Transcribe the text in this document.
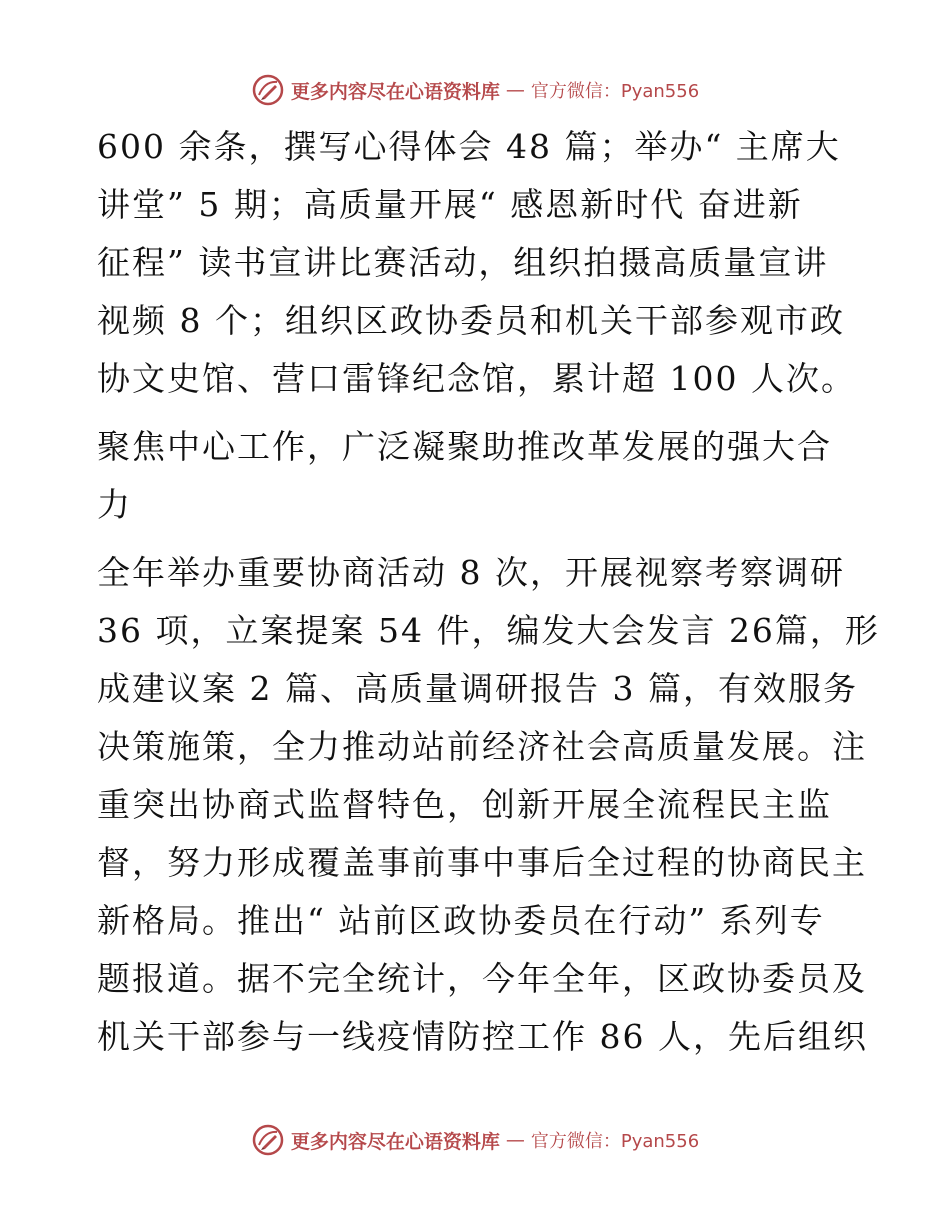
更多内容尽在心语资料库 — 官方微信：Pyan556
600 余条，撰写心得体会 48 篇；举办“ 主席大
讲堂” 5 期；高质量开展“ 感恩新时代 奋进新
征程” 读书宣讲比赛活动，组织拍摄高质量宣讲
视频 8 个；组织区政协委员和机关干部参观市政
协文史馆、营口雷锋纪念馆，累计超 100 人次。
聚焦中心工作，广泛凝聚助推改革发展的强大合
力
全年举办重要协商活动 8 次，开展视察考察调研
36 项，立案提案 54 件，编发大会发言 26篇，形
成建议案 2 篇、高质量调研报告 3 篇，有效服务
决策施策，全力推动站前经济社会高质量发展。注
重突出协商式监督特色，创新开展全流程民主监
督，努力形成覆盖事前事中事后全过程的协商民主
新格局。推出“ 站前区政协委员在行动” 系列专
题报道。据不完全统计，今年全年，区政协委员及
机关干部参与一线疫情防控工作 86 人，先后组织
更多内容尽在心语资料库 — 官方微信：Pyan556
